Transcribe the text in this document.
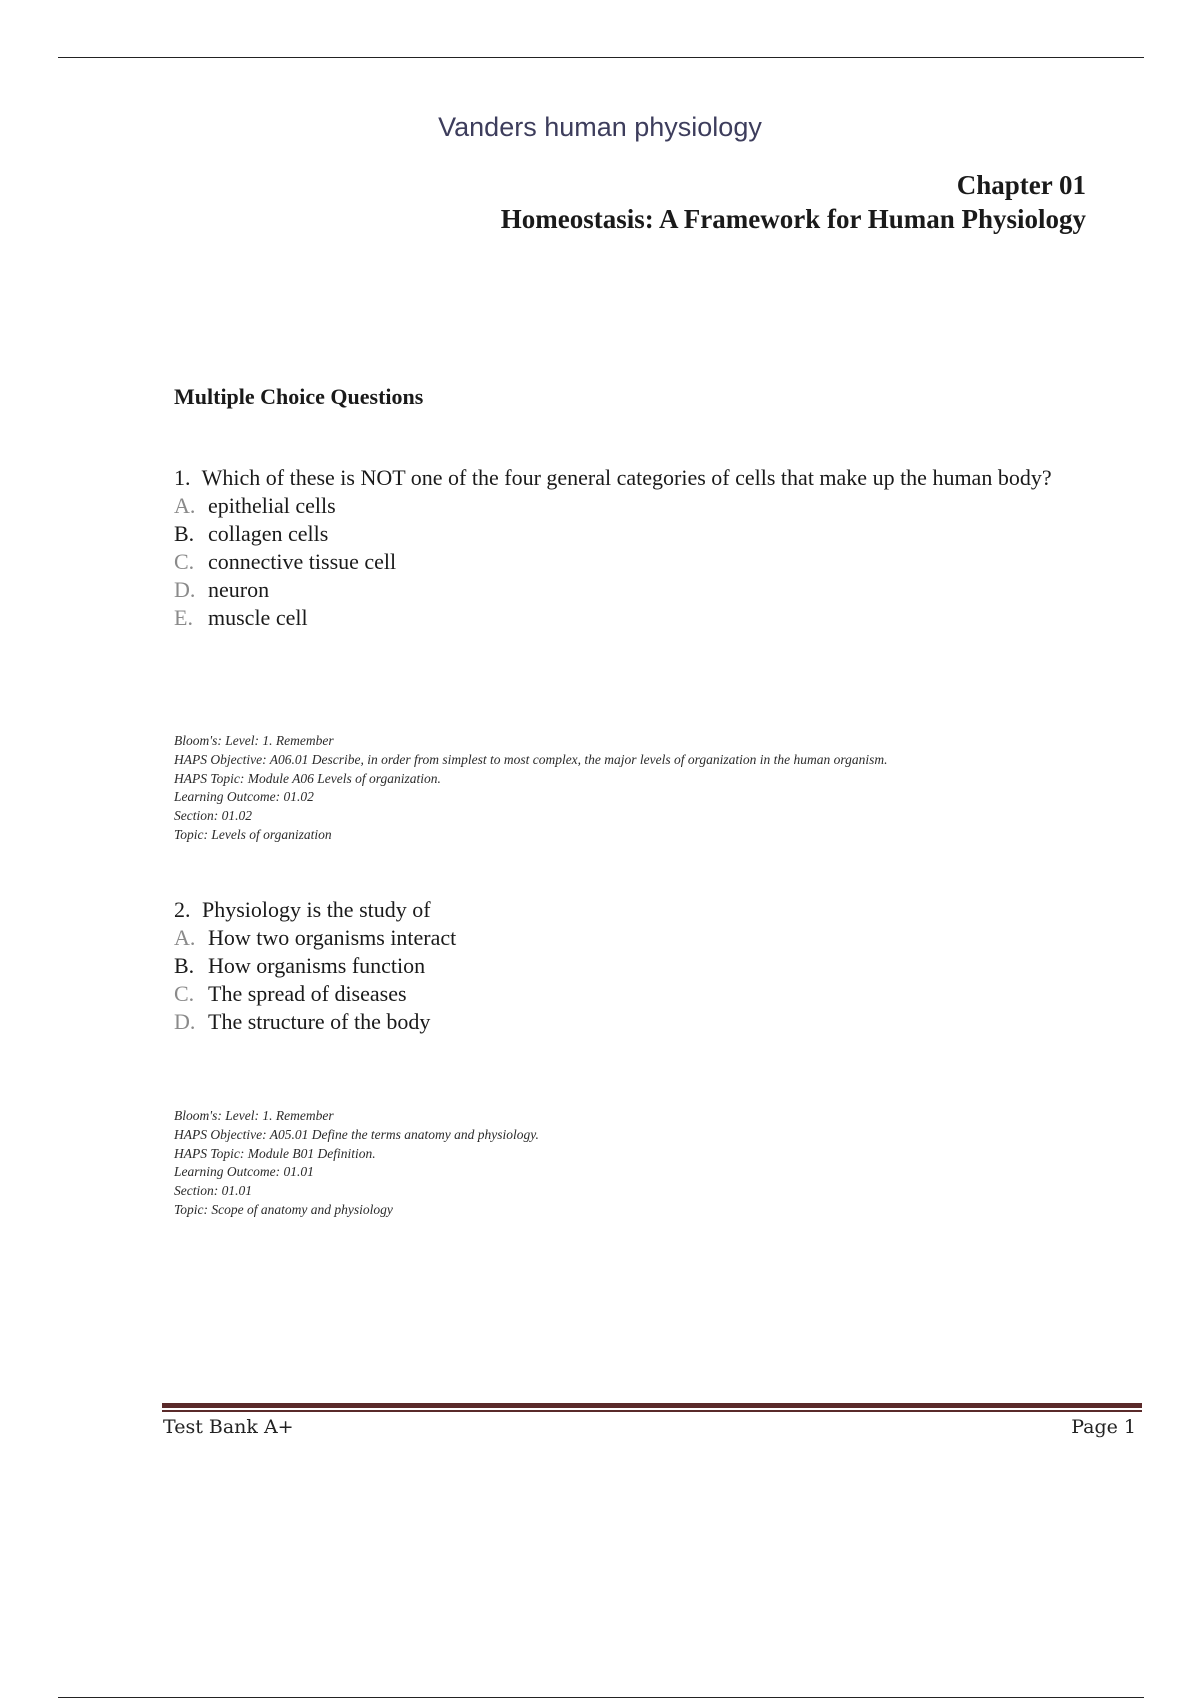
Vanders human physiology
Chapter 01
Homeostasis: A Framework for Human Physiology
Multiple Choice Questions
1. Which of these is NOT one of the four general categories of cells that make up the human body?
A. epithelial cells
B. collagen cells
C. connective tissue cell
D. neuron
E. muscle cell
Bloom's: Level: 1. Remember
HAPS Objective: A06.01 Describe, in order from simplest to most complex, the major levels of organization in the human organism.
HAPS Topic: Module A06 Levels of organization.
Learning Outcome: 01.02
Section: 01.02
Topic: Levels of organization
2. Physiology is the study of
A. How two organisms interact
B. How organisms function
C. The spread of diseases
D. The structure of the body
Bloom's: Level: 1. Remember
HAPS Objective: A05.01 Define the terms anatomy and physiology.
HAPS Topic: Module B01 Definition.
Learning Outcome: 01.01
Section: 01.01
Topic: Scope of anatomy and physiology
Test Bank A+	Page 1
